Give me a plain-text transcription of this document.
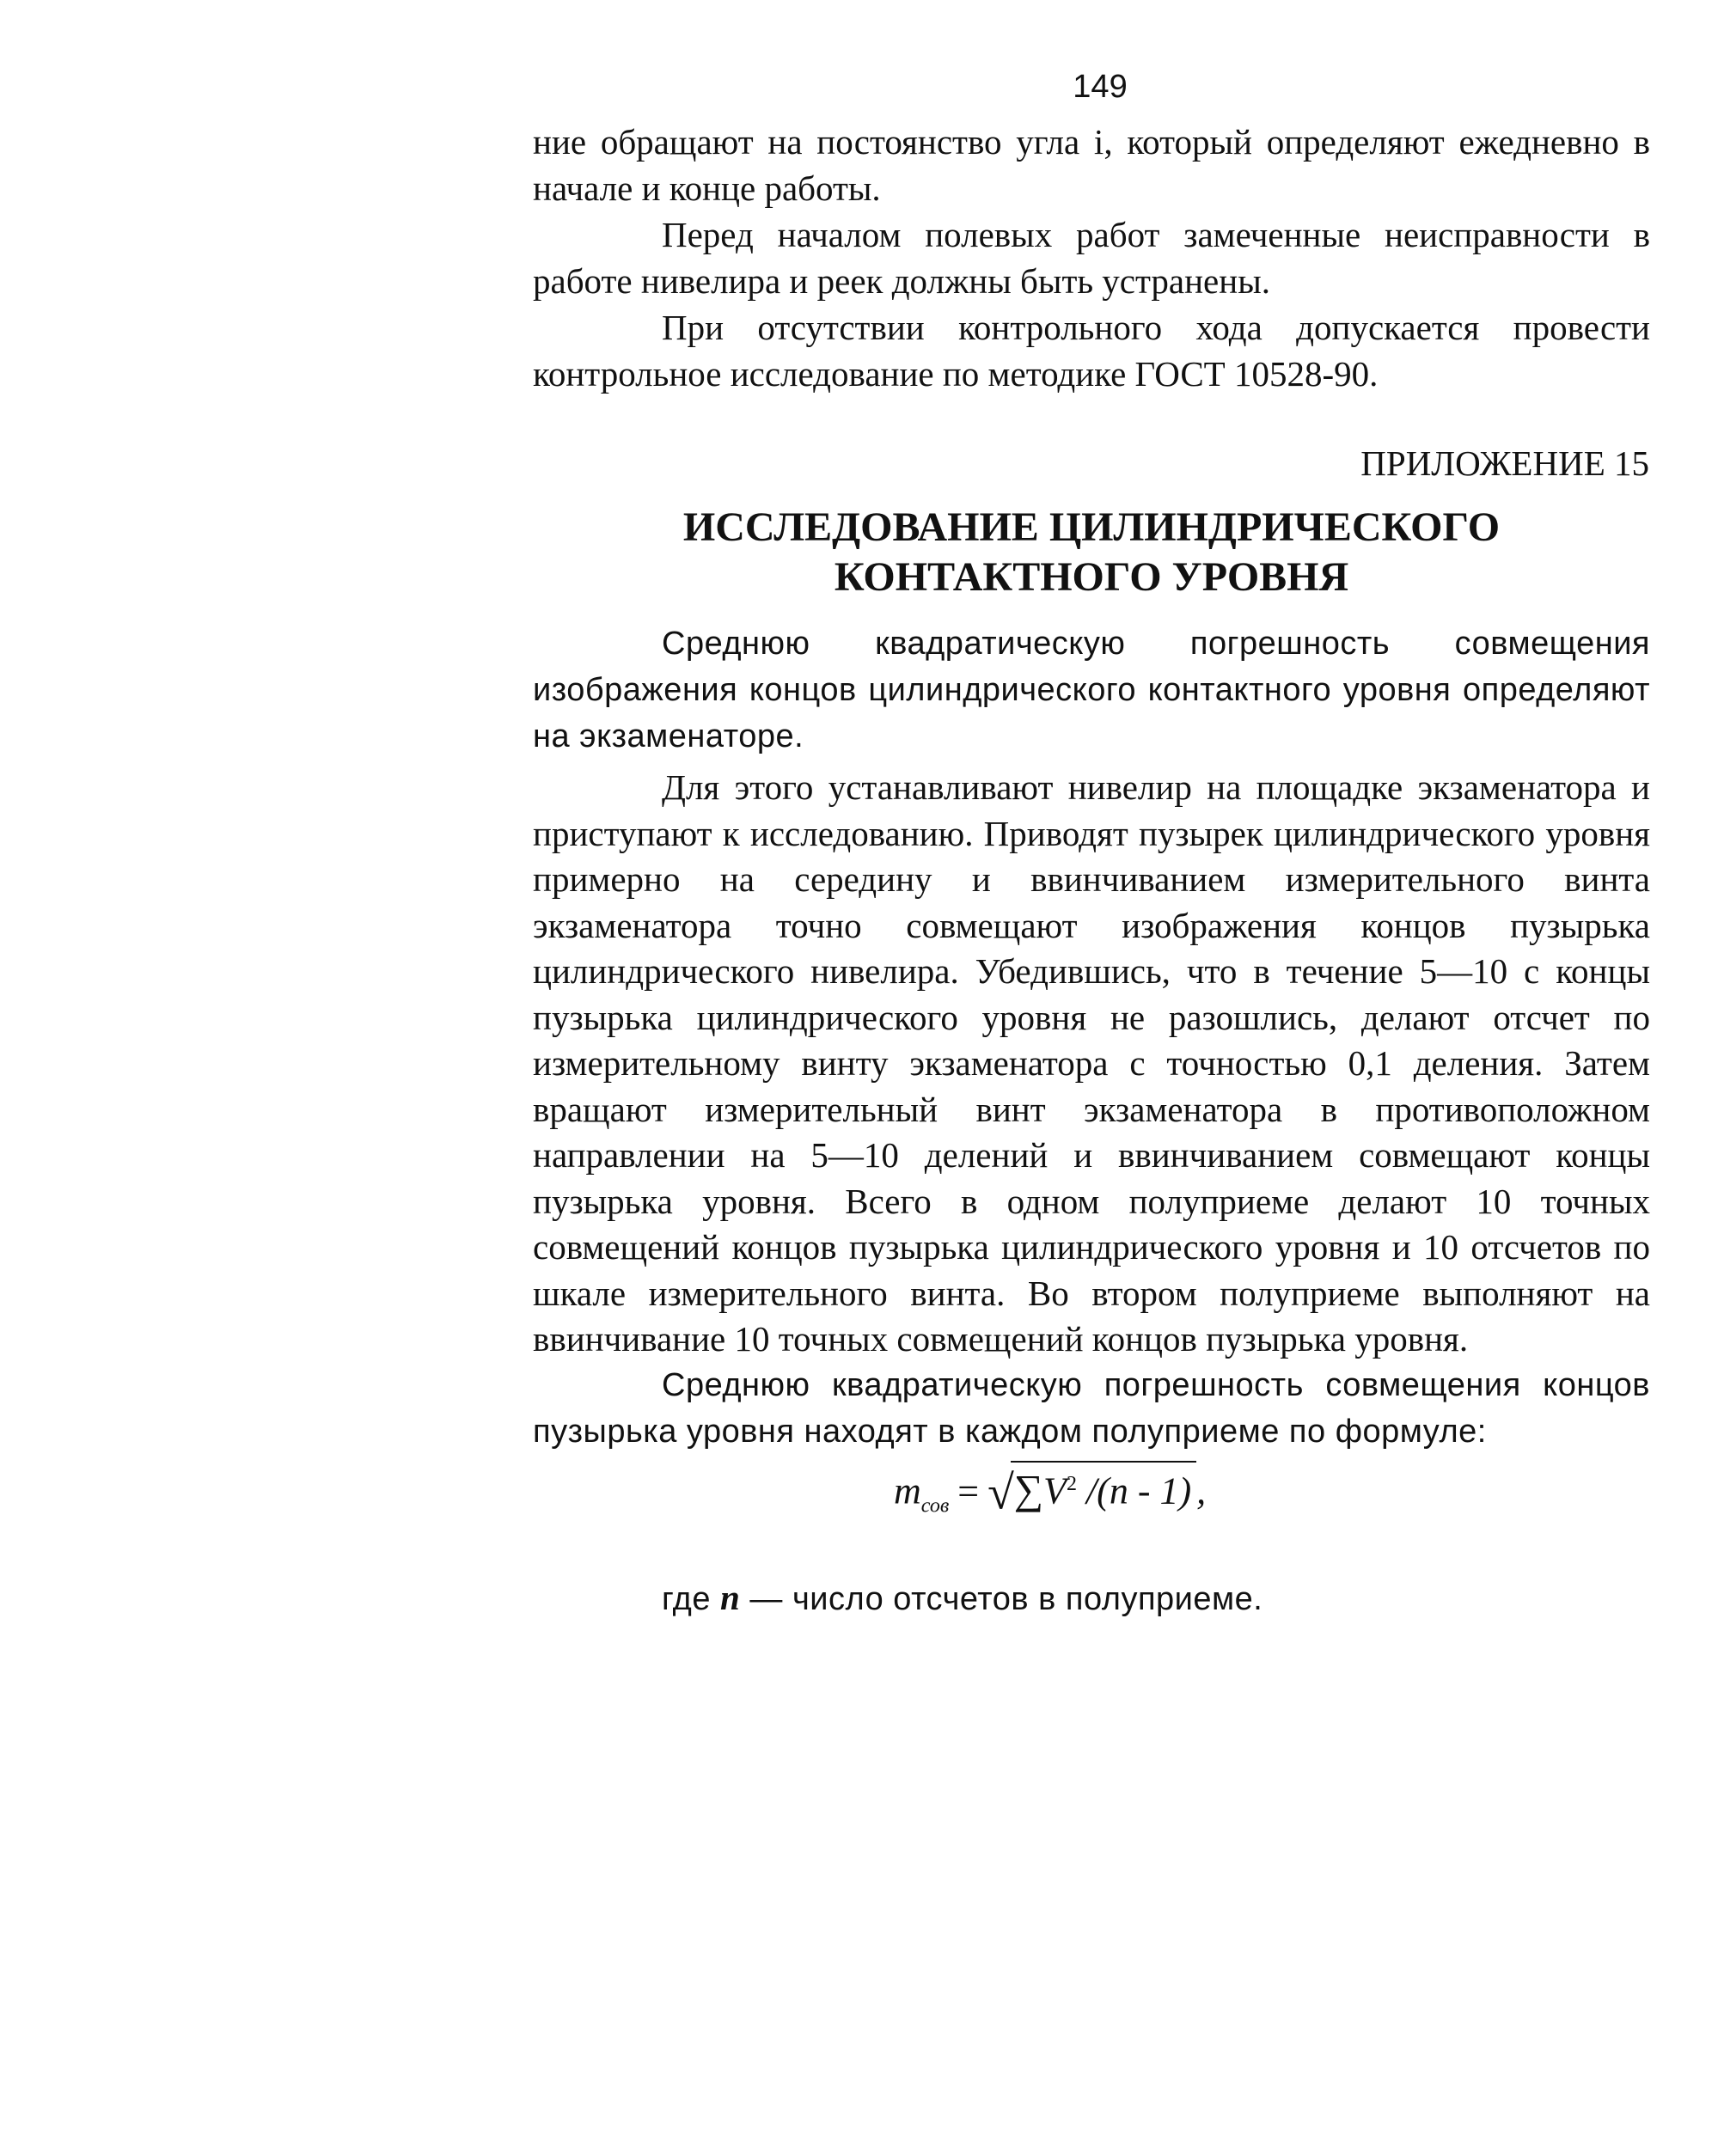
149

ние обращают на постоянство угла i, который определяют ежедневно в начале и конце работы.

Перед началом полевых работ замеченные неисправности в работе нивелира и реек должны быть устранены.

При отсутствии контрольного хода допускается провести контрольное исследование по методике ГОСТ 10528-90.

ПРИЛОЖЕНИЕ 15
ИССЛЕДОВАНИЕ ЦИЛИНДРИЧЕСКОГО
КОНТАКТНОГО УРОВНЯ

Среднюю квадратическую погрешность совмещения изображения концов цилиндрического контактного уровня определяют на экзаменаторе.

Для этого устанавливают нивелир на площадке экзаменатора и приступают к исследованию. Приводят пузырек цилиндрического уровня примерно на середину и ввинчиванием измерительного винта экзаменатора точно совмещают изображения концов пузырька цилиндрического нивелира. Убедившись, что в течение 5—10 с концы пузырька цилиндрического уровня не разошлись, делают отсчет по измерительному винту экзаменатора с точностью 0,1 деления. Затем вращают измерительный винт экзаменатора в противоположном направлении на 5—10 делений и ввинчиванием совмещают концы пузырька уровня. Всего в одном полуприеме делают 10 точных совмещений концов пузырька цилиндрического уровня и 10 отсчетов по шкале измерительного винта. Во втором полуприеме выполняют на ввинчивание 10 точных совмещений концов пузырька уровня.

Среднюю квадратическую погрешность совмещения концов пузырька уровня находят в каждом полуприеме по формуле:

$m_{сов} = √\sum V^2$ /(n - 1) ,
где n — число отсчетов в полуприеме.
